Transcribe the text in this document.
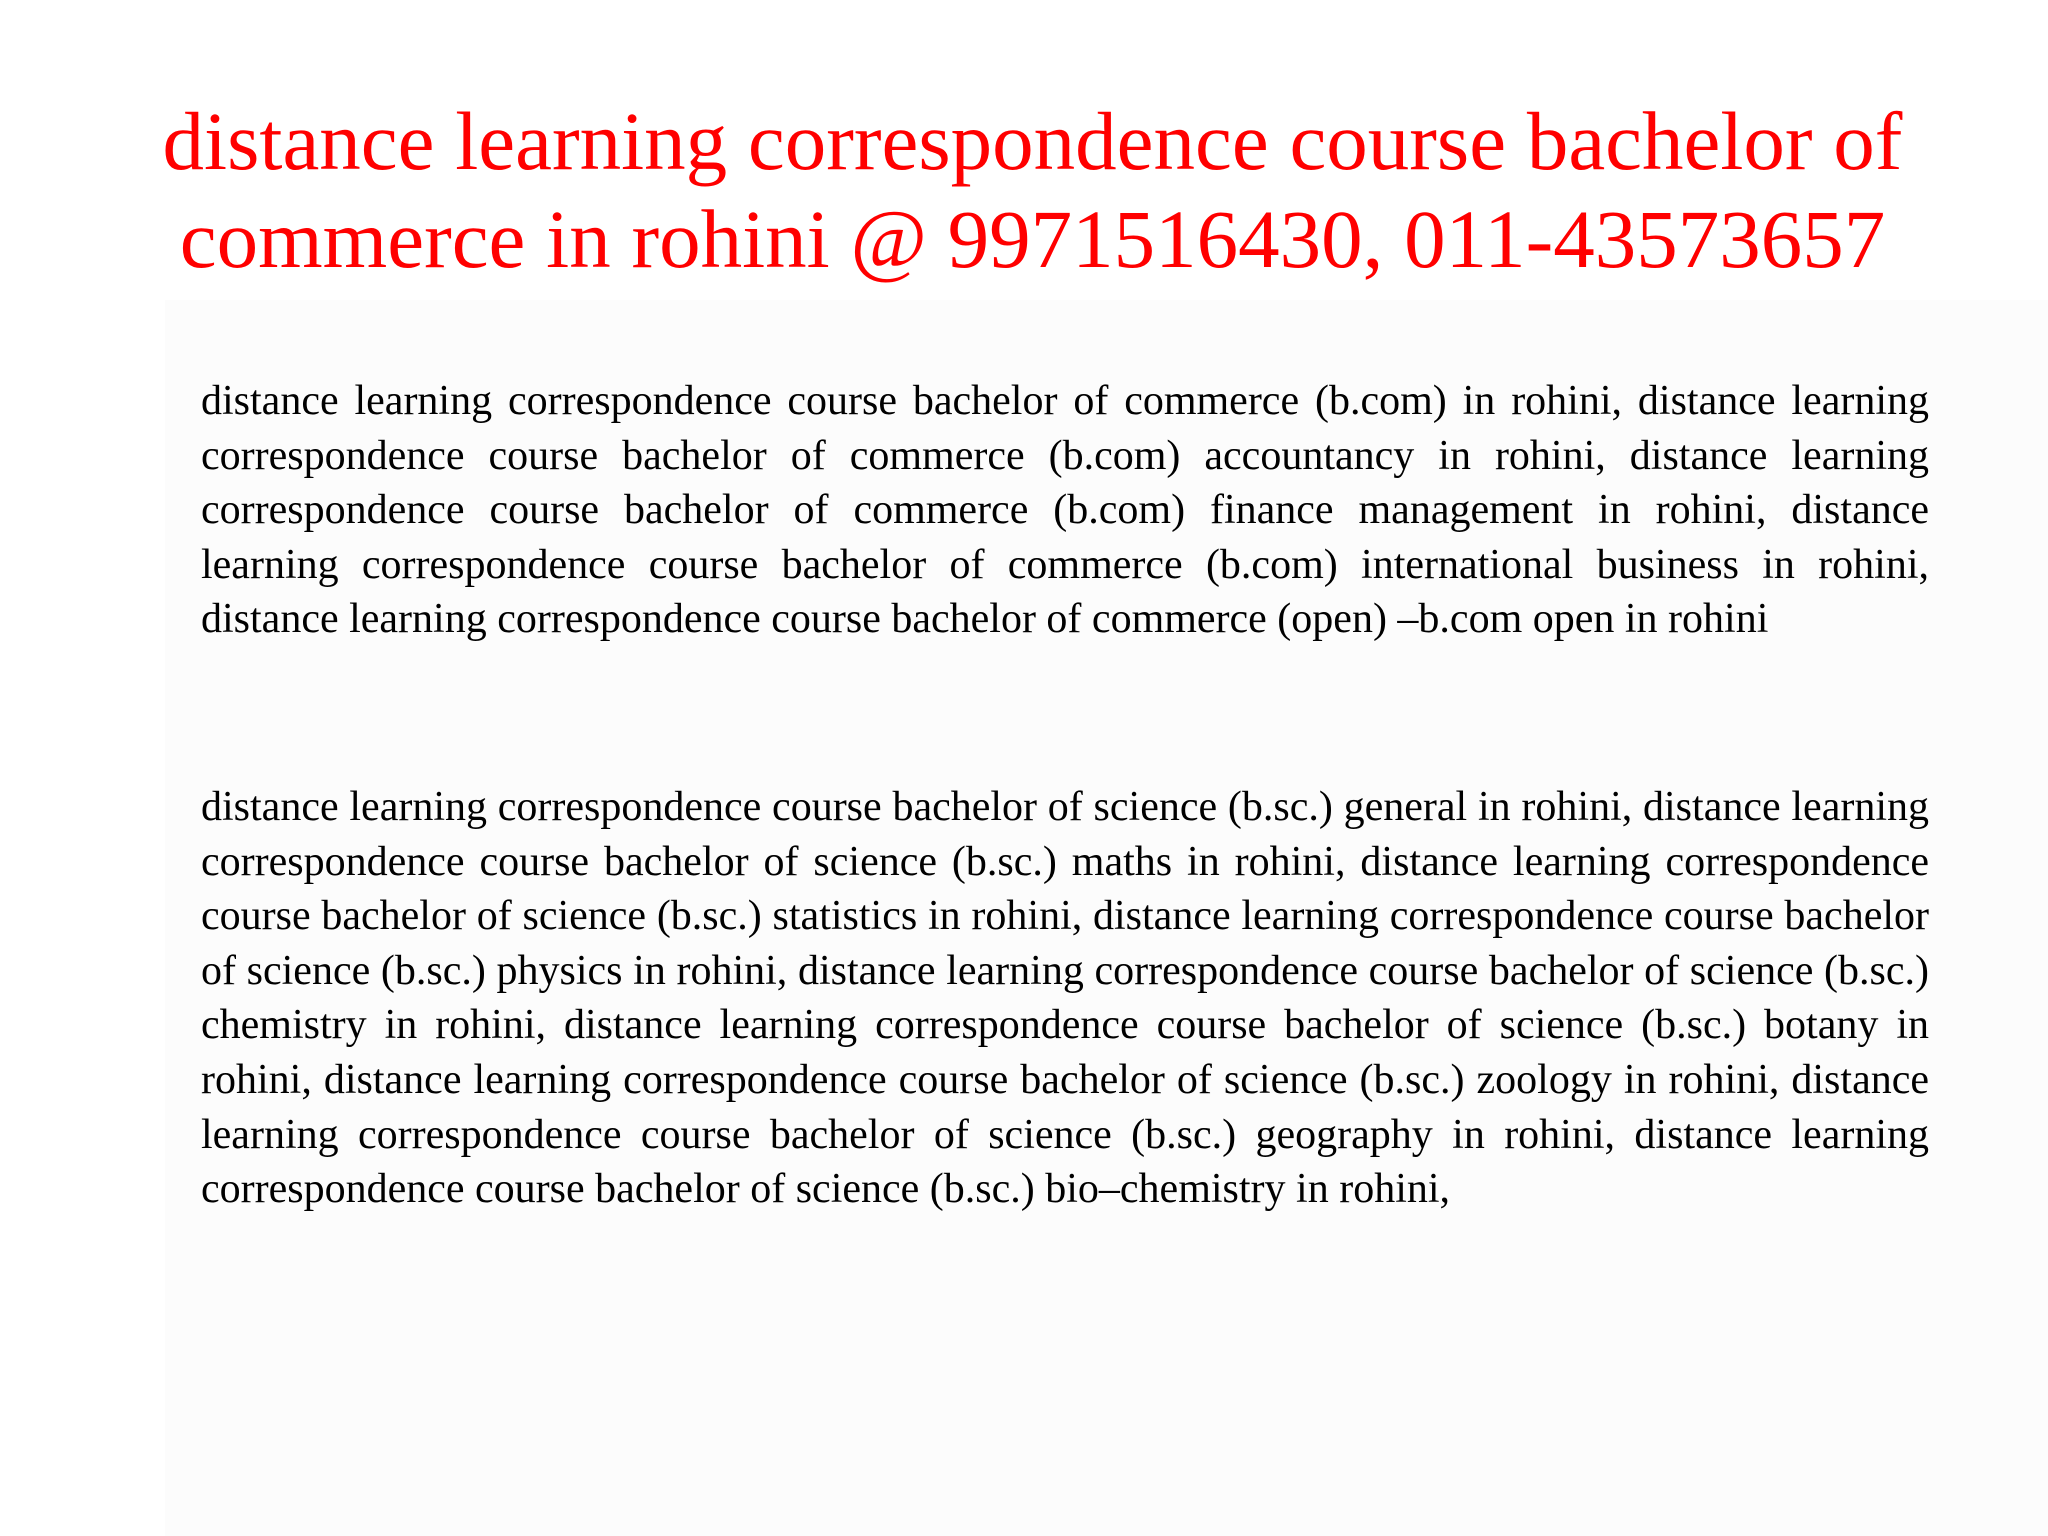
distance learning correspondence course bachelor of commerce in rohini @ 9971516430, 011-43573657

distance learning correspondence course bachelor of commerce (b.com) in rohini, distance learning correspondence course bachelor of commerce (b.com) accountancy in rohini, distance learning correspondence course bachelor of commerce (b.com) finance management in rohini, distance learning correspondence course bachelor of commerce (b.com) international business in rohini, distance learning correspondence course bachelor of commerce (open) –b.com open in rohini

distance learning correspondence course bachelor of science (b.sc.) general in rohini, distance learning correspondence course bachelor of science (b.sc.) maths in rohini, distance learning correspondence course bachelor of science (b.sc.) statistics in rohini, distance learning correspondence course bachelor of science (b.sc.) physics in rohini, distance learning correspondence course bachelor of science (b.sc.) chemistry in rohini, distance learning correspondence course bachelor of science (b.sc.) botany in rohini, distance learning correspondence course bachelor of science (b.sc.) zoology in rohini, distance learning correspondence course bachelor of science (b.sc.) geography in rohini, distance learning correspondence course bachelor of science (b.sc.) bio–chemistry in rohini,
